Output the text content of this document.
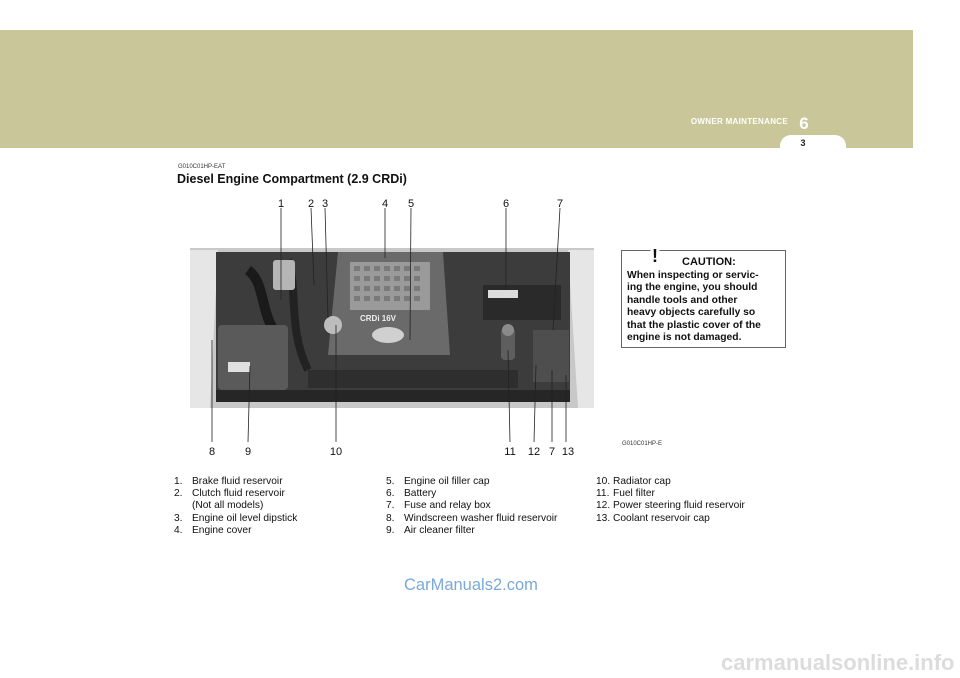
6
OWNER MAINTENANCE
3
G010C01HP-EAT
Diesel Engine Compartment (2.9 CRDi)
CRDi 16V
1 2 3	4 5	6	7
8	9	10	11 12 7 13
! CAUTION:
When inspecting or servic-
ing the engine, you should
handle tools and other
heavy objects carefully so
that the plastic cover of the
engine is not damaged.
G010C01HP-E
1. Brake fluid reservoir
2. Clutch fluid reservoir
(Not all models)
3. Engine oil level dipstick
4. Engine cover
5. Engine oil filler cap
6. Battery
7. Fuse and relay box
8. Windscreen washer fluid reservoir
9. Air cleaner filter
10. Radiator cap
11. Fuel filter
12. Power steering fluid reservoir
13. Coolant reservoir cap
CarManuals2.com
carmanualsonline.info
